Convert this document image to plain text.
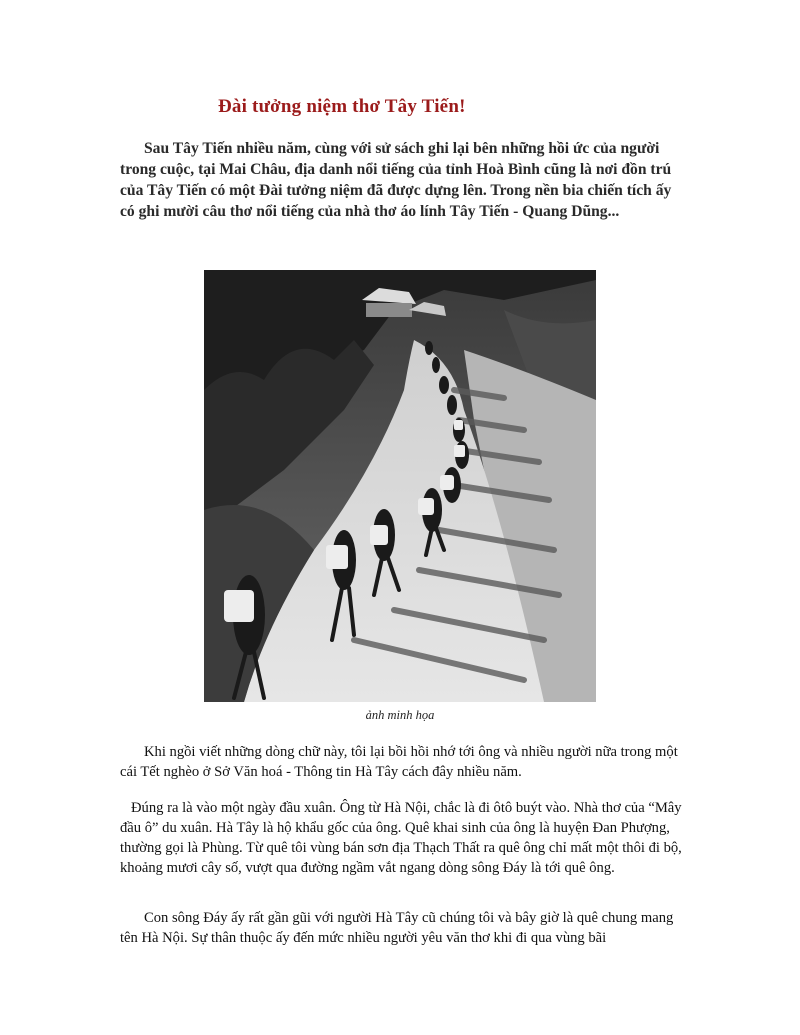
Đài tưởng niệm thơ Tây Tiến!

Sau Tây Tiến nhiều năm, cùng với sử sách ghi lại bên những hồi ức của người trong cuộc, tại Mai Châu, địa danh nổi tiếng của tỉnh Hoà Bình cũng là nơi đồn trú của Tây Tiến có một Đài tưởng niệm đã được dựng lên. Trong nền bia chiến tích ấy có ghi mười câu thơ nổi tiếng của nhà thơ áo lính Tây Tiến - Quang Dũng...

ảnh minh họa

Khi ngồi viết những dòng chữ này, tôi lại bồi hồi nhớ tới ông và nhiều người nữa trong một cái Tết nghèo ở Sở Văn hoá - Thông tin Hà Tây cách đây nhiều năm.

Đúng ra là vào một ngày đầu xuân. Ông từ Hà Nội, chắc là đi ôtô buýt vào. Nhà thơ của “Mây đầu ô” du xuân. Hà Tây là hộ khẩu gốc của ông. Quê khai sinh của ông là huyện Đan Phượng, thường gọi là Phùng. Từ quê tôi vùng bán sơn địa Thạch Thất ra quê ông chỉ mất một thôi đi bộ, khoảng mươi cây số, vượt qua đường ngầm vắt ngang dòng sông Đáy là tới quê ông.

Con sông Đáy ấy rất gần gũi với người Hà Tây cũ chúng tôi và bây giờ là quê chung mang tên Hà Nội. Sự thân thuộc ấy đến mức nhiều người yêu văn thơ khi đi qua vùng bãi
